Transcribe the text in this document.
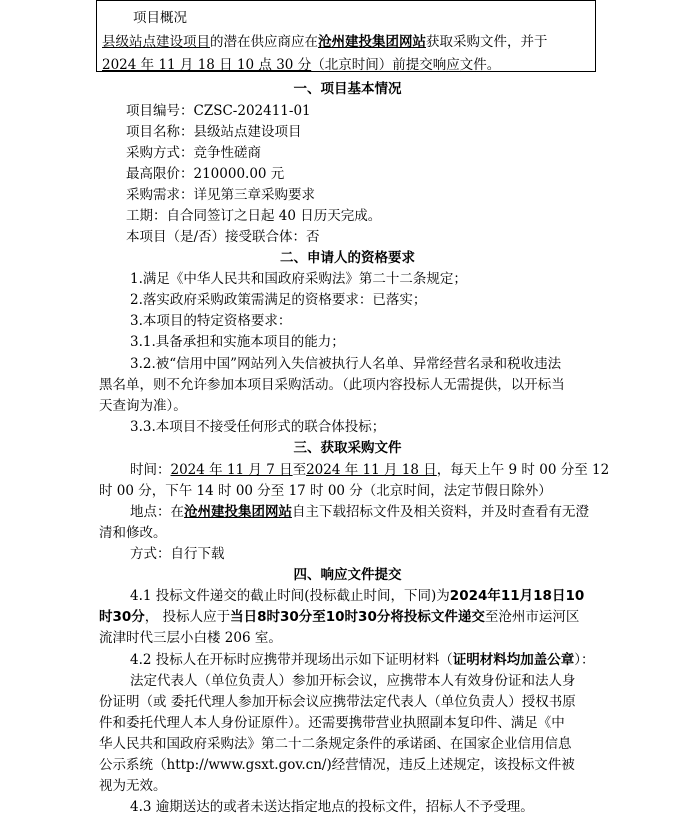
项目概况
县级站点建设项目的潜在供应商应在沧州建投集团网站获取采购文件，并于
2024 年 11 月 18 日 10 点 30 分（北京时间）前提交响应文件。
一、项目基本情况
项目编号：CZSC-202411-01
项目名称：县级站点建设项目
采购方式：竞争性磋商
最高限价：210000.00 元
采购需求：详见第三章采购要求
工期：自合同签订之日起 40 日历天完成。
本项目（是/否）接受联合体：否
二、申请人的资格要求
1.满足《中华人民共和国政府采购法》第二十二条规定；
2.落实政府采购政策需满足的资格要求：已落实；
3.本项目的特定资格要求：
3.1.具备承担和实施本项目的能力；
3.2.被“信用中国”网站列入失信被执行人名单、异常经营名录和税收违法
黑名单，则不允许参加本项目采购活动。（此项内容投标人无需提供，以开标当
天查询为准）。
3.3.本项目不接受任何形式的联合体投标；
三、获取采购文件
时间：2024 年 11 月 7 日至2024 年 11 月 18 日，每天上午 9 时 00 分至 12
时 00 分，下午 14 时 00 分至 17 时 00 分（北京时间，法定节假日除外）
地点：在沧州建投集团网站自主下载招标文件及相关资料，并及时查看有无澄
清和修改。
方式：自行下载
四、响应文件提交
4.1 投标文件递交的截止时间(投标截止时间，下同)为2024年11月18日10
时30分， 投标人应于当日8时30分至10时30分将投标文件递交至沧州市运河区
流津时代三层小白楼 206 室。
4.2 投标人在开标时应携带并现场出示如下证明材料（证明材料均加盖公章）：
法定代表人（单位负责人）参加开标会议，应携带本人有效身份证和法人身
份证明（或 委托代理人参加开标会议应携带法定代表人（单位负责人）授权书原
件和委托代理人本人身份证原件）。还需要携带营业执照副本复印件、满足《中
华人民共和国政府采购法》第二十二条规定条件的承诺函、在国家企业信用信息
公示系统（http://www.gsxt.gov.cn/)经营情况，违反上述规定，该投标文件被
视为无效。
4.3 逾期送达的或者未送达指定地点的投标文件，招标人不予受理。
